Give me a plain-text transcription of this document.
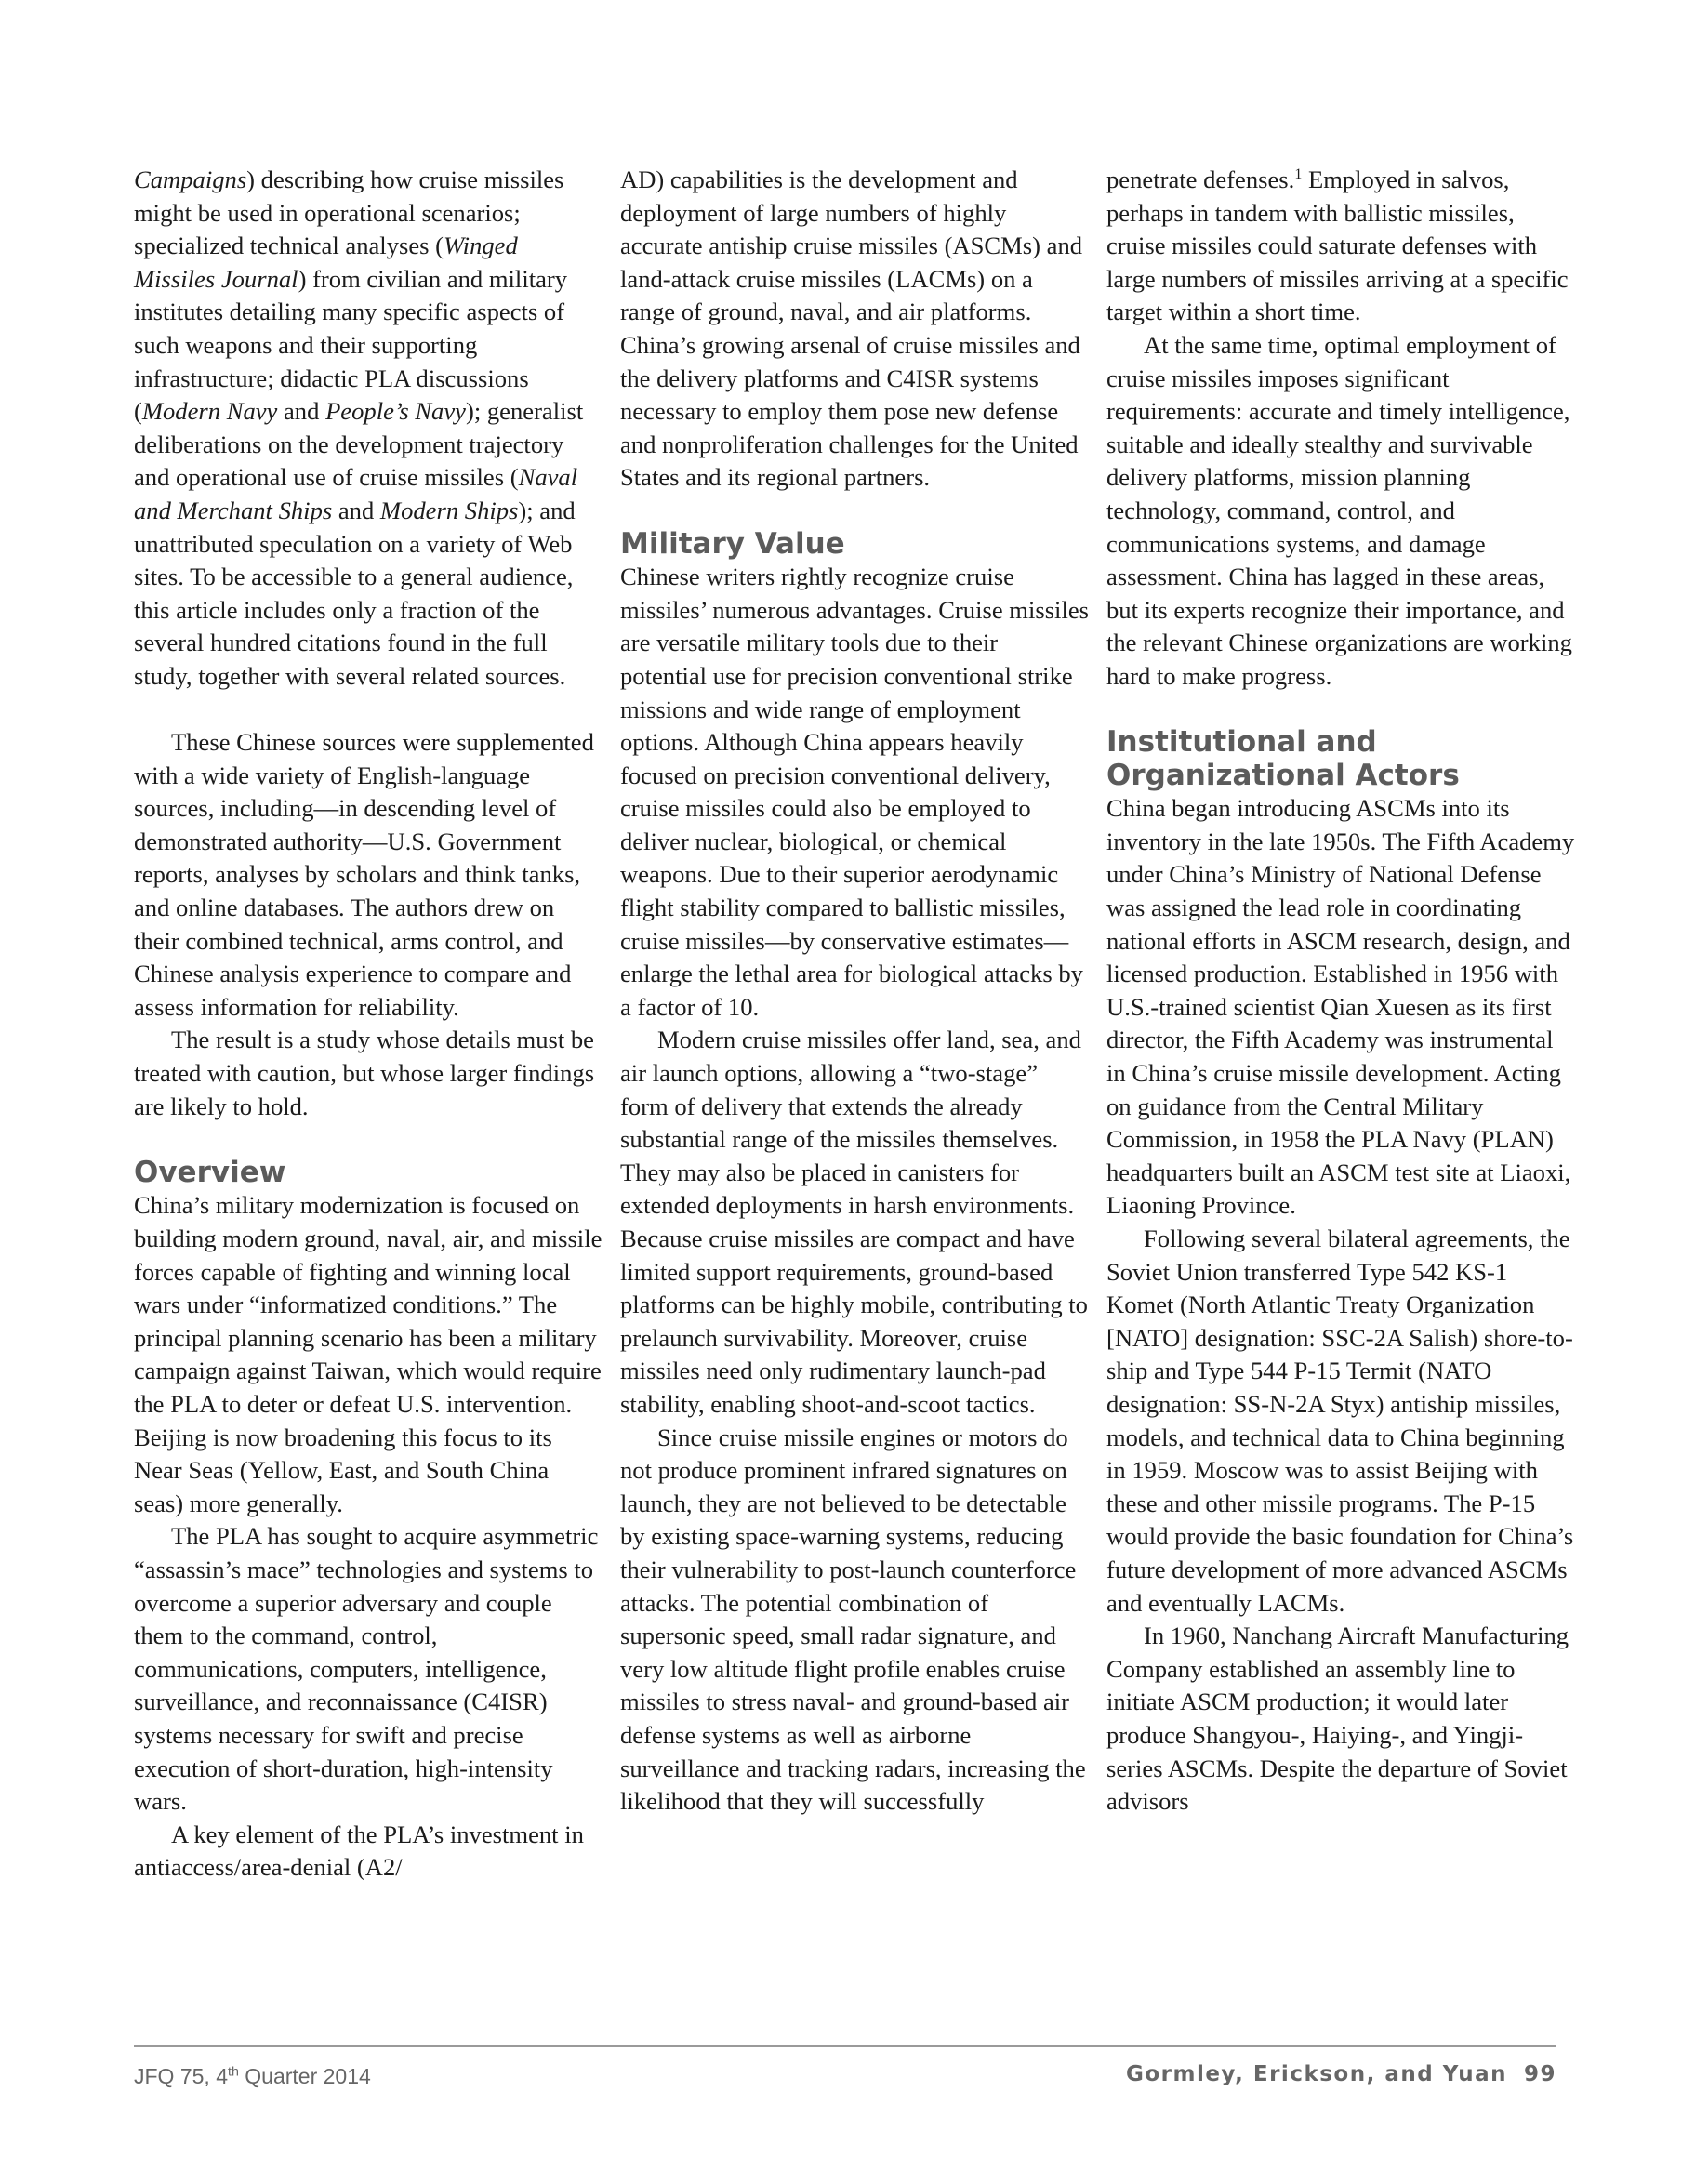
Campaigns) describing how cruise missiles might be used in operational scenarios; specialized technical analyses (Winged Missiles Journal) from civilian and military institutes detailing many specific aspects of such weapons and their supporting infrastructure; didactic PLA discussions (Modern Navy and People’s Navy); generalist deliberations on the development trajectory and operational use of cruise missiles (Naval and Merchant Ships and Modern Ships); and unattributed speculation on a variety of Web sites. To be accessible to a general audience, this article includes only a fraction of the several hundred citations found in the full study, together with several related sources.

These Chinese sources were supplemented with a wide variety of English-language sources, including—in descending level of demonstrated authority—U.S. Government reports, analyses by scholars and think tanks, and online databases. The authors drew on their combined technical, arms control, and Chinese analysis experience to compare and assess information for reliability.

The result is a study whose details must be treated with caution, but whose larger findings are likely to hold.

Overview

China’s military modernization is focused on building modern ground, naval, air, and missile forces capable of fighting and winning local wars under “informatized conditions.” The principal planning scenario has been a military campaign against Taiwan, which would require the PLA to deter or defeat U.S. intervention. Beijing is now broadening this focus to its Near Seas (Yellow, East, and South China seas) more generally.

The PLA has sought to acquire asymmetric “assassin’s mace” technologies and systems to overcome a superior adversary and couple them to the command, control, communications, computers, intelligence, surveillance, and reconnaissance (C4ISR) systems necessary for swift and precise execution of short-duration, high-intensity wars.

A key element of the PLA’s investment in antiaccess/area-denial (A2/

AD) capabilities is the development and deployment of large numbers of highly accurate antiship cruise missiles (ASCMs) and land-attack cruise missiles (LACMs) on a range of ground, naval, and air platforms. China’s growing arsenal of cruise missiles and the delivery platforms and C4ISR systems necessary to employ them pose new defense and nonproliferation challenges for the United States and its regional partners.

Military Value

Chinese writers rightly recognize cruise missiles’ numerous advantages. Cruise missiles are versatile military tools due to their potential use for precision conventional strike missions and wide range of employment options. Although China appears heavily focused on precision conventional delivery, cruise missiles could also be employed to deliver nuclear, biological, or chemical weapons. Due to their superior aerodynamic flight stability compared to ballistic missiles, cruise missiles—by conservative estimates—enlarge the lethal area for biological attacks by a factor of 10.

Modern cruise missiles offer land, sea, and air launch options, allowing a “two-stage” form of delivery that extends the already substantial range of the missiles themselves. They may also be placed in canisters for extended deployments in harsh environments. Because cruise missiles are compact and have limited support requirements, ground-based platforms can be highly mobile, contributing to prelaunch survivability. Moreover, cruise missiles need only rudimentary launch-pad stability, enabling shoot-and-scoot tactics.

Since cruise missile engines or motors do not produce prominent infrared signatures on launch, they are not believed to be detectable by existing space-warning systems, reducing their vulnerability to post-launch counterforce attacks. The potential combination of supersonic speed, small radar signature, and very low altitude flight profile enables cruise missiles to stress naval- and ground-based air defense systems as well as airborne surveillance and tracking radars, increasing the likelihood that they will successfully

penetrate defenses.$^1$ Employed in salvos, perhaps in tandem with ballistic missiles, cruise missiles could saturate defenses with large numbers of missiles arriving at a specific target within a short time.

At the same time, optimal employment of cruise missiles imposes significant requirements: accurate and timely intelligence, suitable and ideally stealthy and survivable delivery platforms, mission planning technology, command, control, and communications systems, and damage assessment. China has lagged in these areas, but its experts recognize their importance, and the relevant Chinese organizations are working hard to make progress.

Institutional and Organizational Actors

China began introducing ASCMs into its inventory in the late 1950s. The Fifth Academy under China’s Ministry of National Defense was assigned the lead role in coordinating national efforts in ASCM research, design, and licensed production. Established in 1956 with U.S.-trained scientist Qian Xuesen as its first director, the Fifth Academy was instrumental in China’s cruise missile development. Acting on guidance from the Central Military Commission, in 1958 the PLA Navy (PLAN) headquarters built an ASCM test site at Liaoxi, Liaoning Province.

Following several bilateral agreements, the Soviet Union transferred Type 542 KS-1 Komet (North Atlantic Treaty Organization [NATO] designation: SSC-2A Salish) shore-to-ship and Type 544 P-15 Termit (NATO designation: SS-N-2A Styx) antiship missiles, models, and technical data to China beginning in 1959. Moscow was to assist Beijing with these and other missile programs. The P-15 would provide the basic foundation for China’s future development of more advanced ASCMs and eventually LACMs.

In 1960, Nanchang Aircraft Manufacturing Company established an assembly line to initiate ASCM production; it would later produce Shangyou-, Haiying-, and Yingji-series ASCMs. Despite the departure of Soviet advisors

JFQ 75, 4th Quarter 2014	Gormley, Erickson, and Yuan 99
